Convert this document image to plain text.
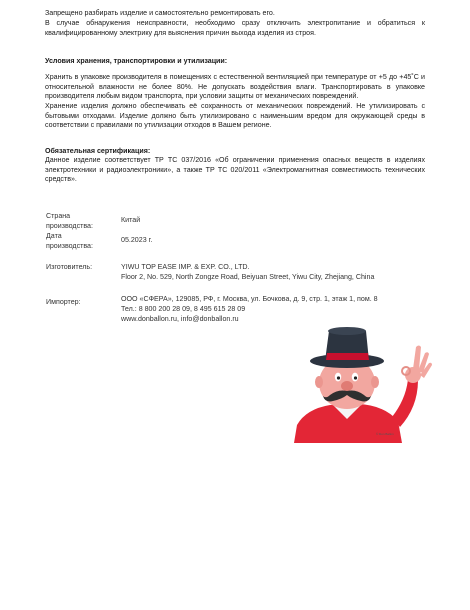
Запрещено разбирать изделие и самостоятельно ремонтировать его.
В случае обнаружения неисправности, необходимо сразу отключить электропитание и обратиться к квалифицированному электрику для выяснения причин выхода изделия из строя.
Условия хранения, транспортировки и утилизации:
Хранить в упаковке производителя в помещениях с естественной вентиляцией при температуре от +5 до +45˚С и относительной влажности не более 80%. Не допускать воздействия влаги. Транспортировать в упаковке производителя любым видом транспорта, при условии защиты от механических повреждений.
Хранение изделия должно обеспечивать её сохранность от механических повреждений. Не утилизировать с бытовыми отходами. Изделие должно быть утилизировано с наименьшим вредом для окружающей среды в соответствии с правилами по утилизации отходов в Вашем регионе.
Обязательная сертификация:
Данное изделие соответствует ТР ТС 037/2016 «Об ограничении применения опасных веществ в изделиях электротехники и радиоэлектроники», а также ТР ТС 020/2011 «Электромагнитная совместимость технических средств».
Страна
производства:
Китай
Дата
производства:
05.2023 г.
Изготовитель:	YIWU TOP EASE IMP. & EXP. CO., LTD.
Floor 2, No. 529, North Zongze Road, Beiyuan Street, Yiwu City, Zhejiang, China
Импортер:	ООО «СФЕРА», 129085, РФ, г. Москва, ул. Бочкова, д. 9, стр. 1, этаж 1, пом. 8
Тел.: 8 800 200 28 09, 8 495 615 28 09
www.donballon.ru, info@donballon.ru
© Don Ballon
